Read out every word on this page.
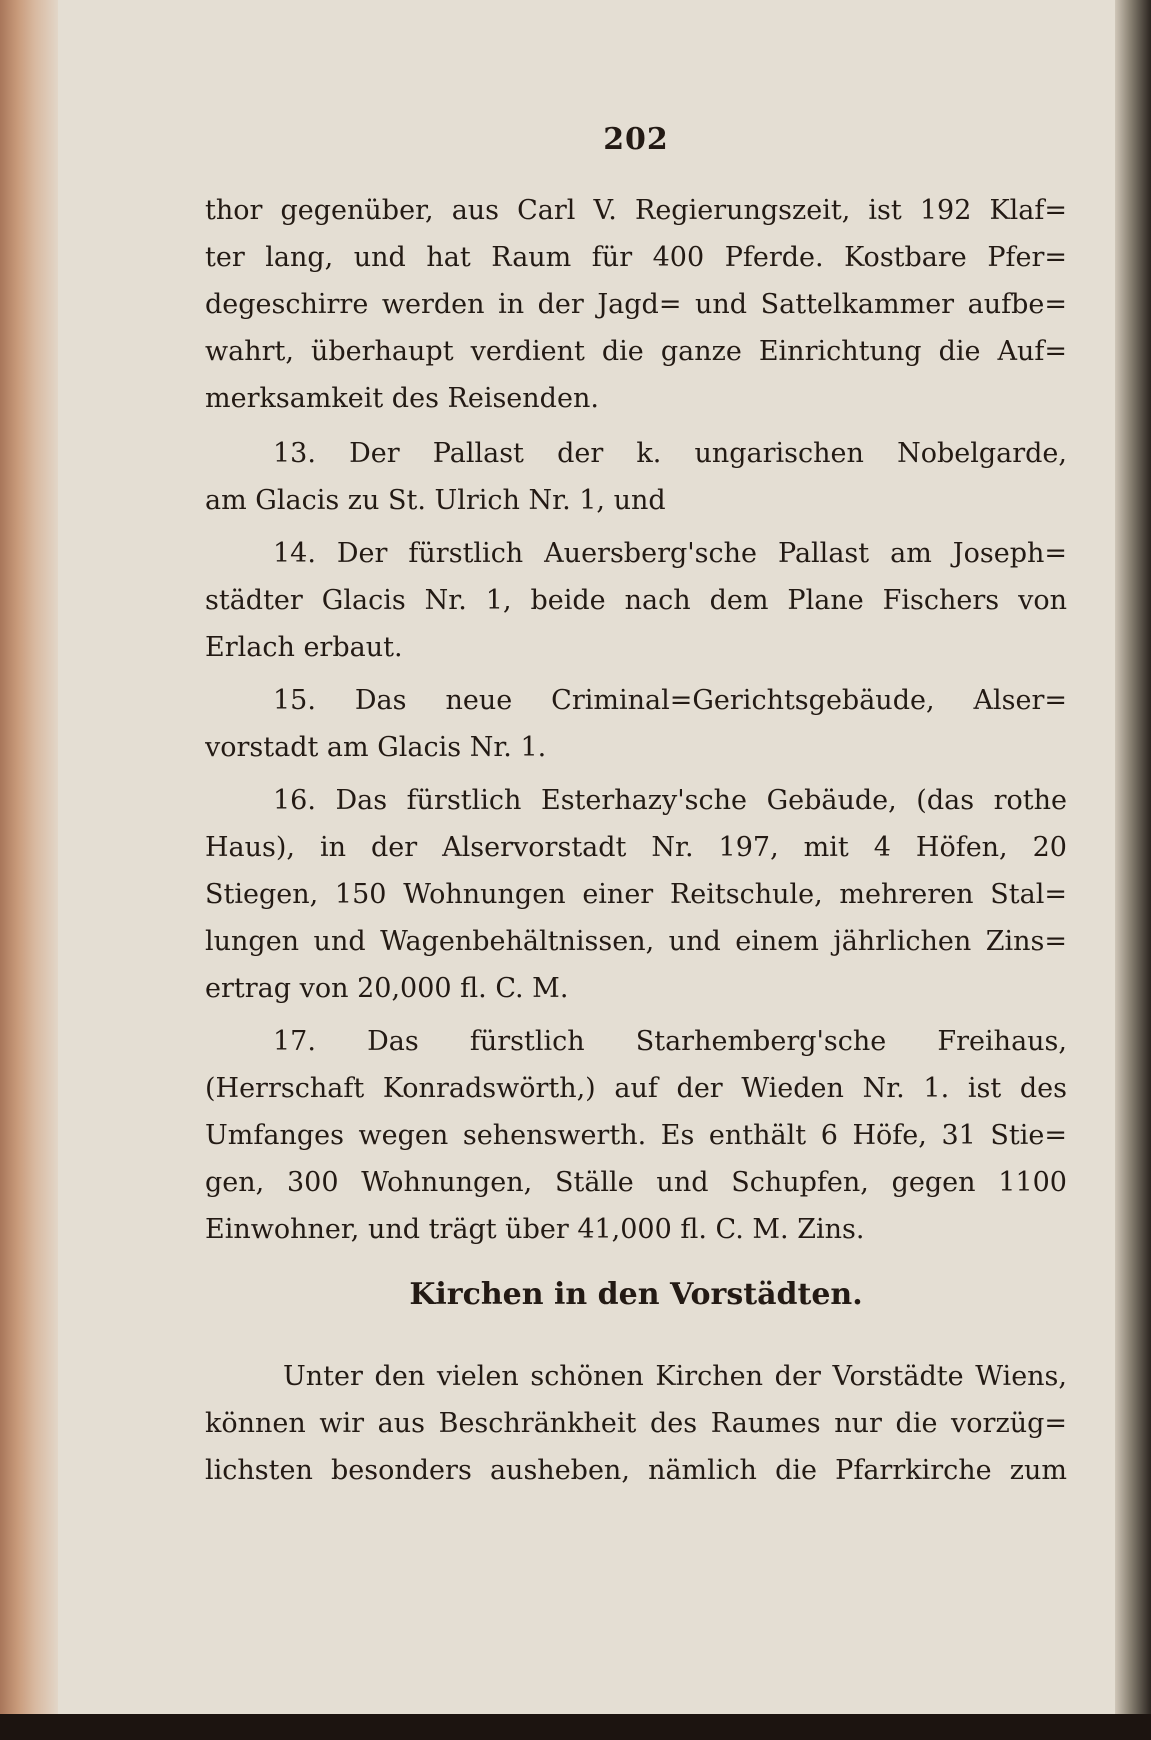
202
thor gegenüber, aus Carl V. Regierungszeit, ist 192 Klaf=
ter lang, und hat Raum für 400 Pferde. Kostbare Pfer=
degeschirre werden in der Jagd= und Sattelkammer aufbe=
wahrt, überhaupt verdient die ganze Einrichtung die Auf=
merksamkeit des Reisenden.
13. Der Pallast der k. ungarischen Nobelgarde,
am Glacis zu St. Ulrich Nr. 1, und
14. Der fürstlich Auersberg'sche Pallast am Joseph=
städter Glacis Nr. 1, beide nach dem Plane Fischers von
Erlach erbaut.
15. Das neue Criminal=Gerichtsgebäude, Alser=
vorstadt am Glacis Nr. 1.
16. Das fürstlich Esterhazy'sche Gebäude, (das rothe
Haus), in der Alservorstadt Nr. 197, mit 4 Höfen, 20
Stiegen, 150 Wohnungen einer Reitschule, mehreren Stal=
lungen und Wagenbehältnissen, und einem jährlichen Zins=
ertrag von 20,000 fl. C. M.
17. Das fürstlich Starhemberg'sche Freihaus,
(Herrschaft Konradswörth,) auf der Wieden Nr. 1. ist des
Umfanges wegen sehenswerth. Es enthält 6 Höfe, 31 Stie=
gen, 300 Wohnungen, Ställe und Schupfen, gegen 1100
Einwohner, und trägt über 41,000 fl. C. M. Zins.
Kirchen in den Vorstädten.
Unter den vielen schönen Kirchen der Vorstädte Wiens,
können wir aus Beschränkheit des Raumes nur die vorzüg=
lichsten besonders ausheben, nämlich die Pfarrkirche zum
